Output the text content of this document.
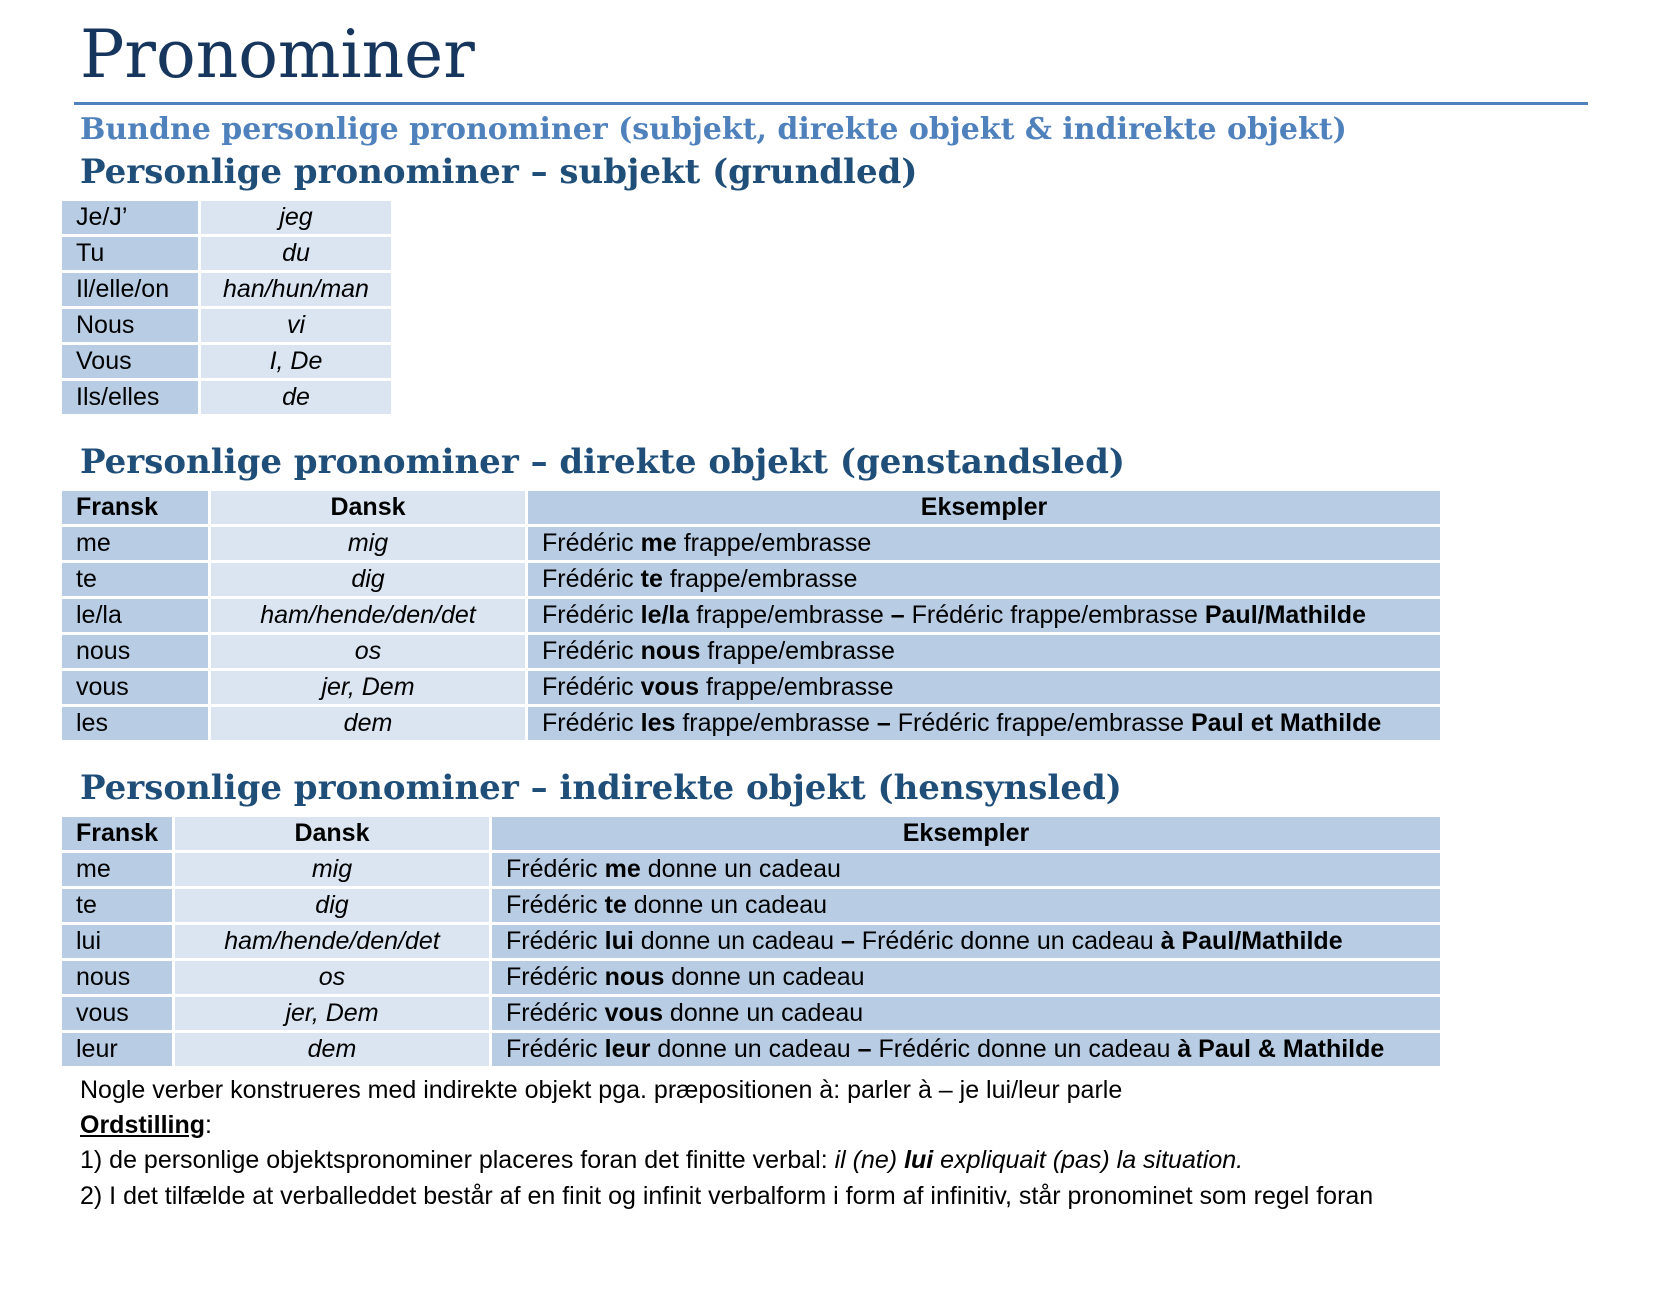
Pronominer
Bundne personlige pronominer (subjekt, direkte objekt & indirekte objekt)
Personlige pronominer – subjekt (grundled)
Je/J’	jeg
Tu	du
Il/elle/on	han/hun/man
Nous	vi
Vous	I, De
Ils/elles	de
Personlige pronominer – direkte objekt (genstandsled)
Fransk	Dansk	Eksempler
me	mig	Frédéric me frappe/embrasse
te	dig	Frédéric te frappe/embrasse
le/la	ham/hende/den/det	Frédéric le/la frappe/embrasse – Frédéric frappe/embrasse Paul/Mathilde
nous	os	Frédéric nous frappe/embrasse
vous	jer, Dem	Frédéric vous frappe/embrasse
les	dem	Frédéric les frappe/embrasse – Frédéric frappe/embrasse Paul et Mathilde
Personlige pronominer – indirekte objekt (hensynsled)
Fransk	Dansk	Eksempler
me	mig	Frédéric me donne un cadeau
te	dig	Frédéric te donne un cadeau
lui	ham/hende/den/det	Frédéric lui donne un cadeau – Frédéric donne un cadeau à Paul/Mathilde
nous	os	Frédéric nous donne un cadeau
vous	jer, Dem	Frédéric vous donne un cadeau
leur	dem	Frédéric leur donne un cadeau – Frédéric donne un cadeau à Paul & Mathilde

Nogle verber konstrueres med indirekte objekt pga. præpositionen à: parler à – je lui/leur parle

Ordstilling:

1) de personlige objektspronominer placeres foran det finitte verbal: il (ne) lui expliquait (pas) la situation.

2) I det tilfælde at verballeddet består af en finit og infinit verbalform i form af infinitiv, står pronominet som regel foran
